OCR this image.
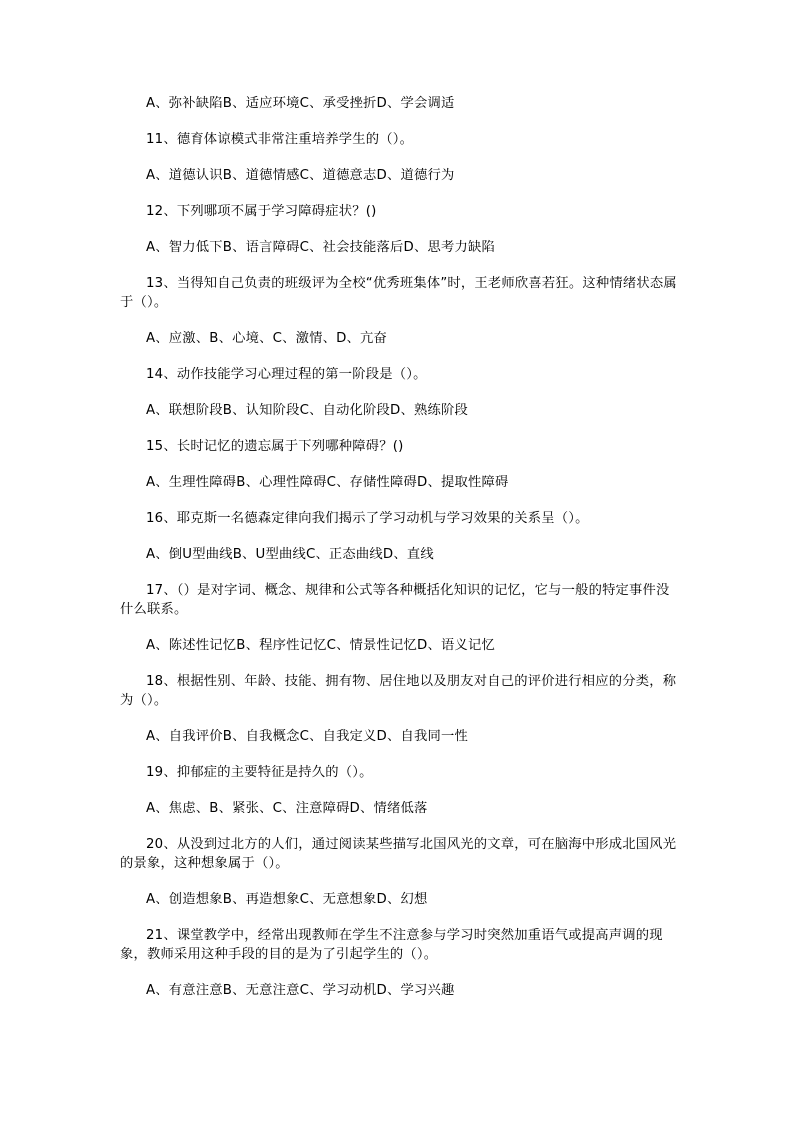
A、弥补缺陷B、适应环境C、承受挫折D、学会调适

11、德育体谅模式非常注重培养学生的（）。

A、道德认识B、道德情感C、道德意志D、道德行为

12、下列哪项不属于学习障碍症状？()

A、智力低下B、语言障碍C、社会技能落后D、思考力缺陷

13、当得知自己负责的班级评为全校“优秀班集体”时，王老师欣喜若狂。这种情绪状态属于（）。

A、应激、B、心境、C、激情、D、亢奋

14、动作技能学习心理过程的第一阶段是（）。

A、联想阶段B、认知阶段C、自动化阶段D、熟练阶段

15、长时记忆的遗忘属于下列哪种障碍？()

A、生理性障碍B、心理性障碍C、存储性障碍D、提取性障碍

16、耶克斯一名德森定律向我们揭示了学习动机与学习效果的关系呈（）。

A、倒U型曲线B、U型曲线C、正态曲线D、直线

17、（）是对字词、概念、规律和公式等各种概括化知识的记忆，它与一般的特定事件没什么联系。

A、陈述性记忆B、程序性记忆C、情景性记忆D、语义记忆

18、根据性别、年龄、技能、拥有物、居住地以及朋友对自己的评价进行相应的分类，称为（）。

A、自我评价B、自我概念C、自我定义D、自我同一性

19、抑郁症的主要特征是持久的（）。

A、焦虑、B、紧张、C、注意障碍D、情绪低落

20、从没到过北方的人们，通过阅读某些描写北国风光的文章，可在脑海中形成北国风光的景象，这种想象属于（）。

A、创造想象B、再造想象C、无意想象D、幻想

21、课堂教学中，经常出现教师在学生不注意参与学习时突然加重语气或提高声调的现象，教师采用这种手段的目的是为了引起学生的（）。

A、有意注意B、无意注意C、学习动机D、学习兴趣
